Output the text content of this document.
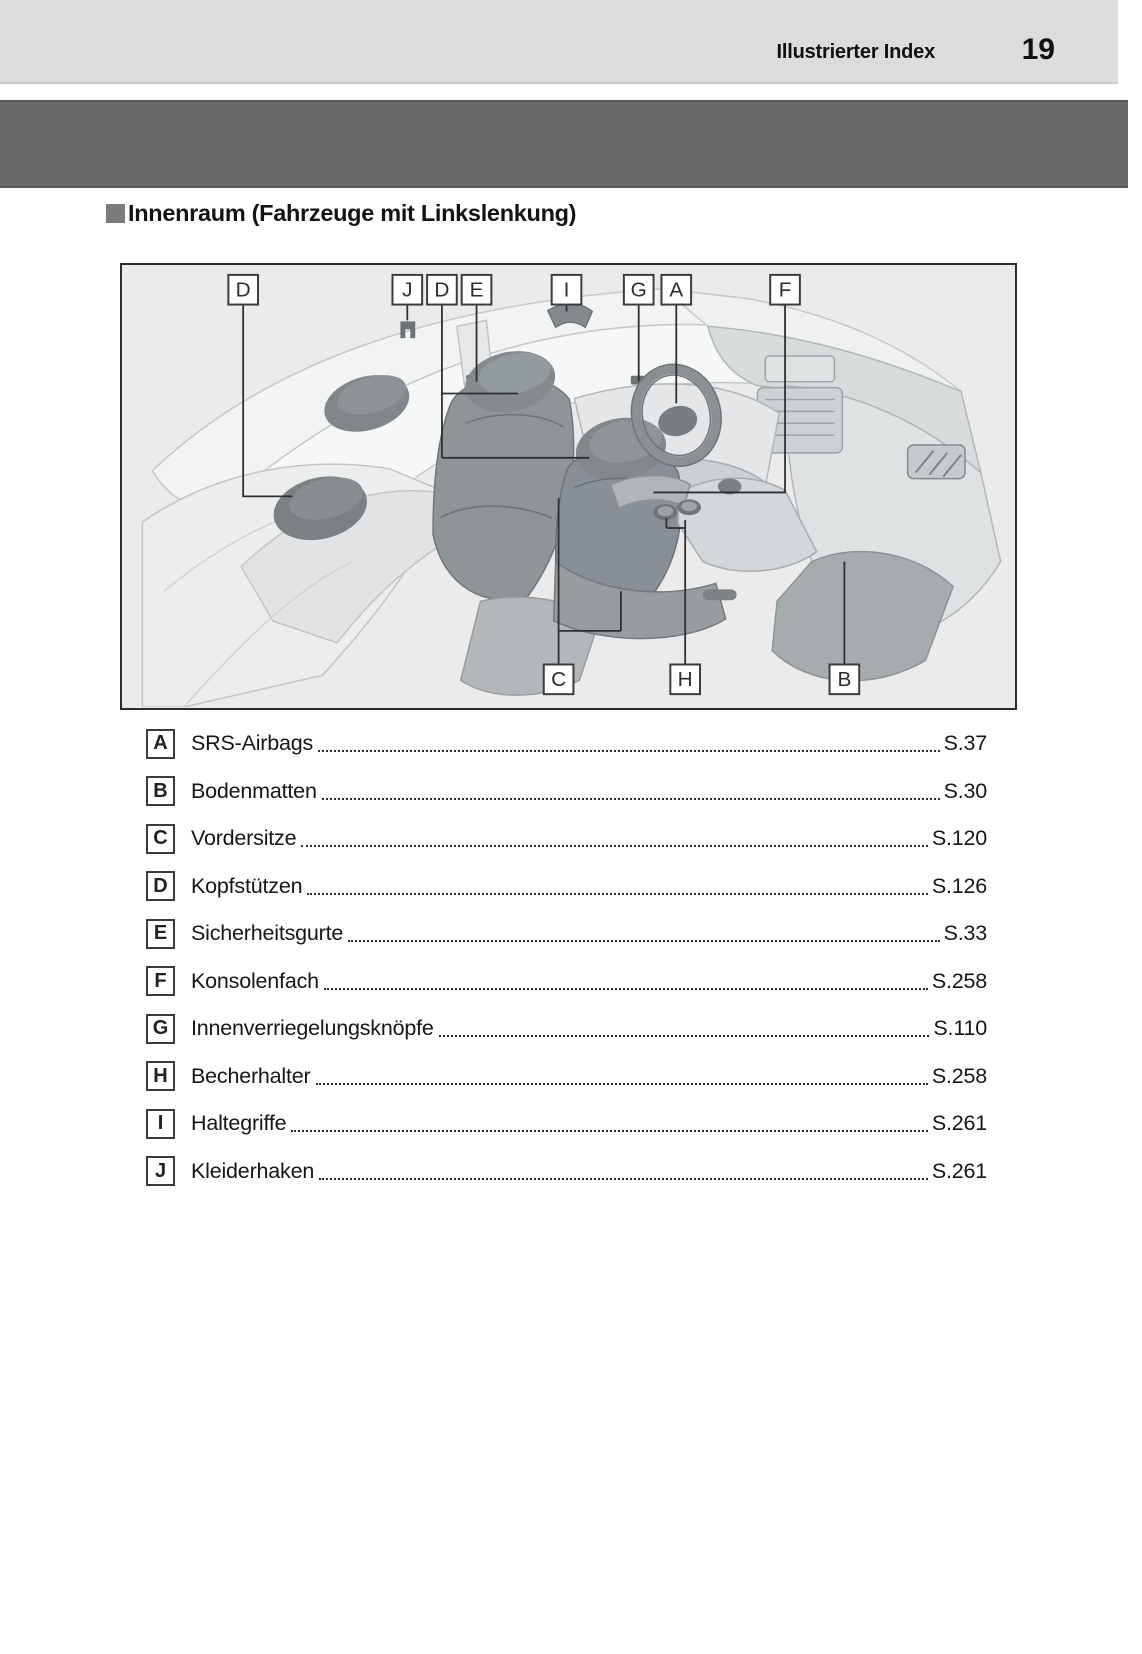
Illustrierter Index	19
Innenraum (Fahrzeuge mit Linkslenkung)
D	J D E	I	G A	F
C	H	B
A	SRS-Airbags	S.37
B	Bodenmatten	S.30
C	Vordersitze	S.120
D	Kopfstützen	S.126
E	Sicherheitsgurte	S.33
F	Konsolenfach	S.258
G	Innenverriegelungsknöpfe	S.110
H	Becherhalter	S.258
I	Haltegriffe	S.261
J	Kleiderhaken	S.261
